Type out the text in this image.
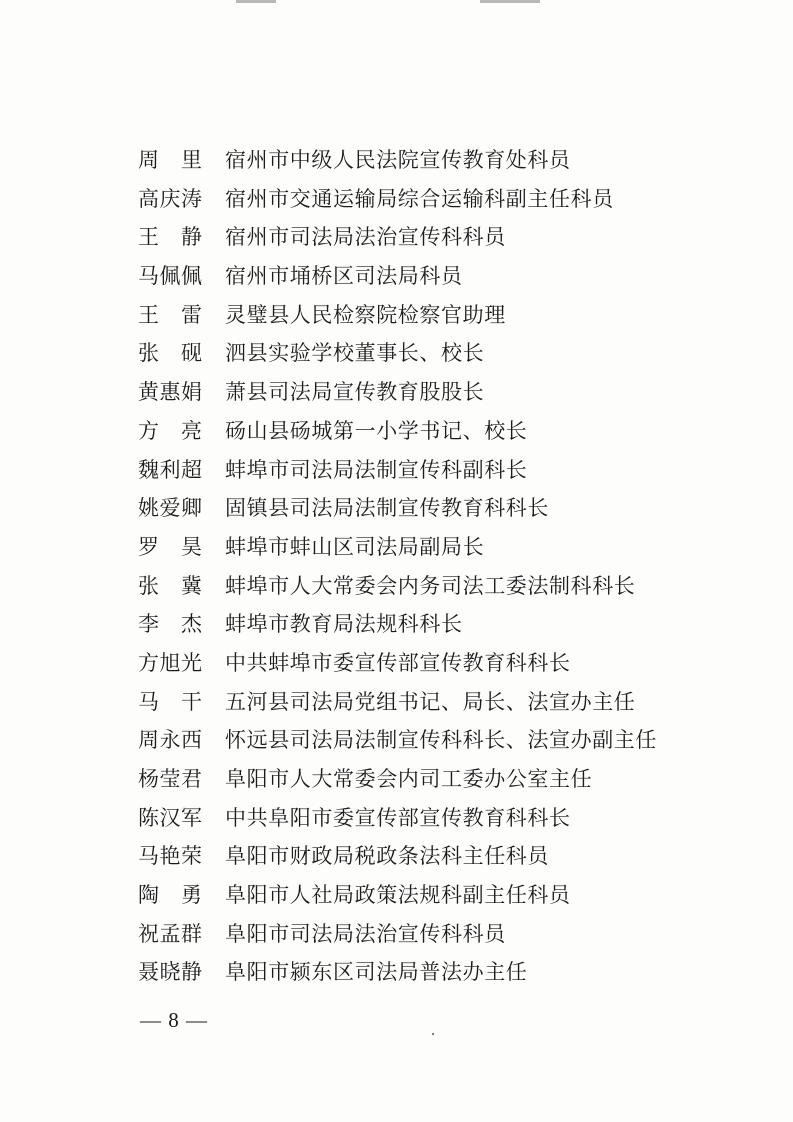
周 里 宿州市中级人民法院宣传教育处科员
高庆涛 宿州市交通运输局综合运输科副主任科员
王 静 宿州市司法局法治宣传科科员
马佩佩 宿州市埇桥区司法局科员
王 雷 灵璧县人民检察院检察官助理
张 砚 泗县实验学校董事长、校长
黄惠娟 萧县司法局宣传教育股股长
方 亮 砀山县砀城第一小学书记、校长
魏利超 蚌埠市司法局法制宣传科副科长
姚爱卿 固镇县司法局法制宣传教育科科长
罗 昊 蚌埠市蚌山区司法局副局长
张 冀 蚌埠市人大常委会内务司法工委法制科科长
李 杰 蚌埠市教育局法规科科长
方旭光 中共蚌埠市委宣传部宣传教育科科长
马 干 五河县司法局党组书记、局长、法宣办主任
周永西 怀远县司法局法制宣传科科长、法宣办副主任
杨莹君 阜阳市人大常委会内司工委办公室主任
陈汉军 中共阜阳市委宣传部宣传教育科科长
马艳荣 阜阳市财政局税政条法科主任科员
陶 勇 阜阳市人社局政策法规科副主任科员
祝孟群 阜阳市司法局法治宣传科科员
聂晓静 阜阳市颍东区司法局普法办主任
— 8 —
